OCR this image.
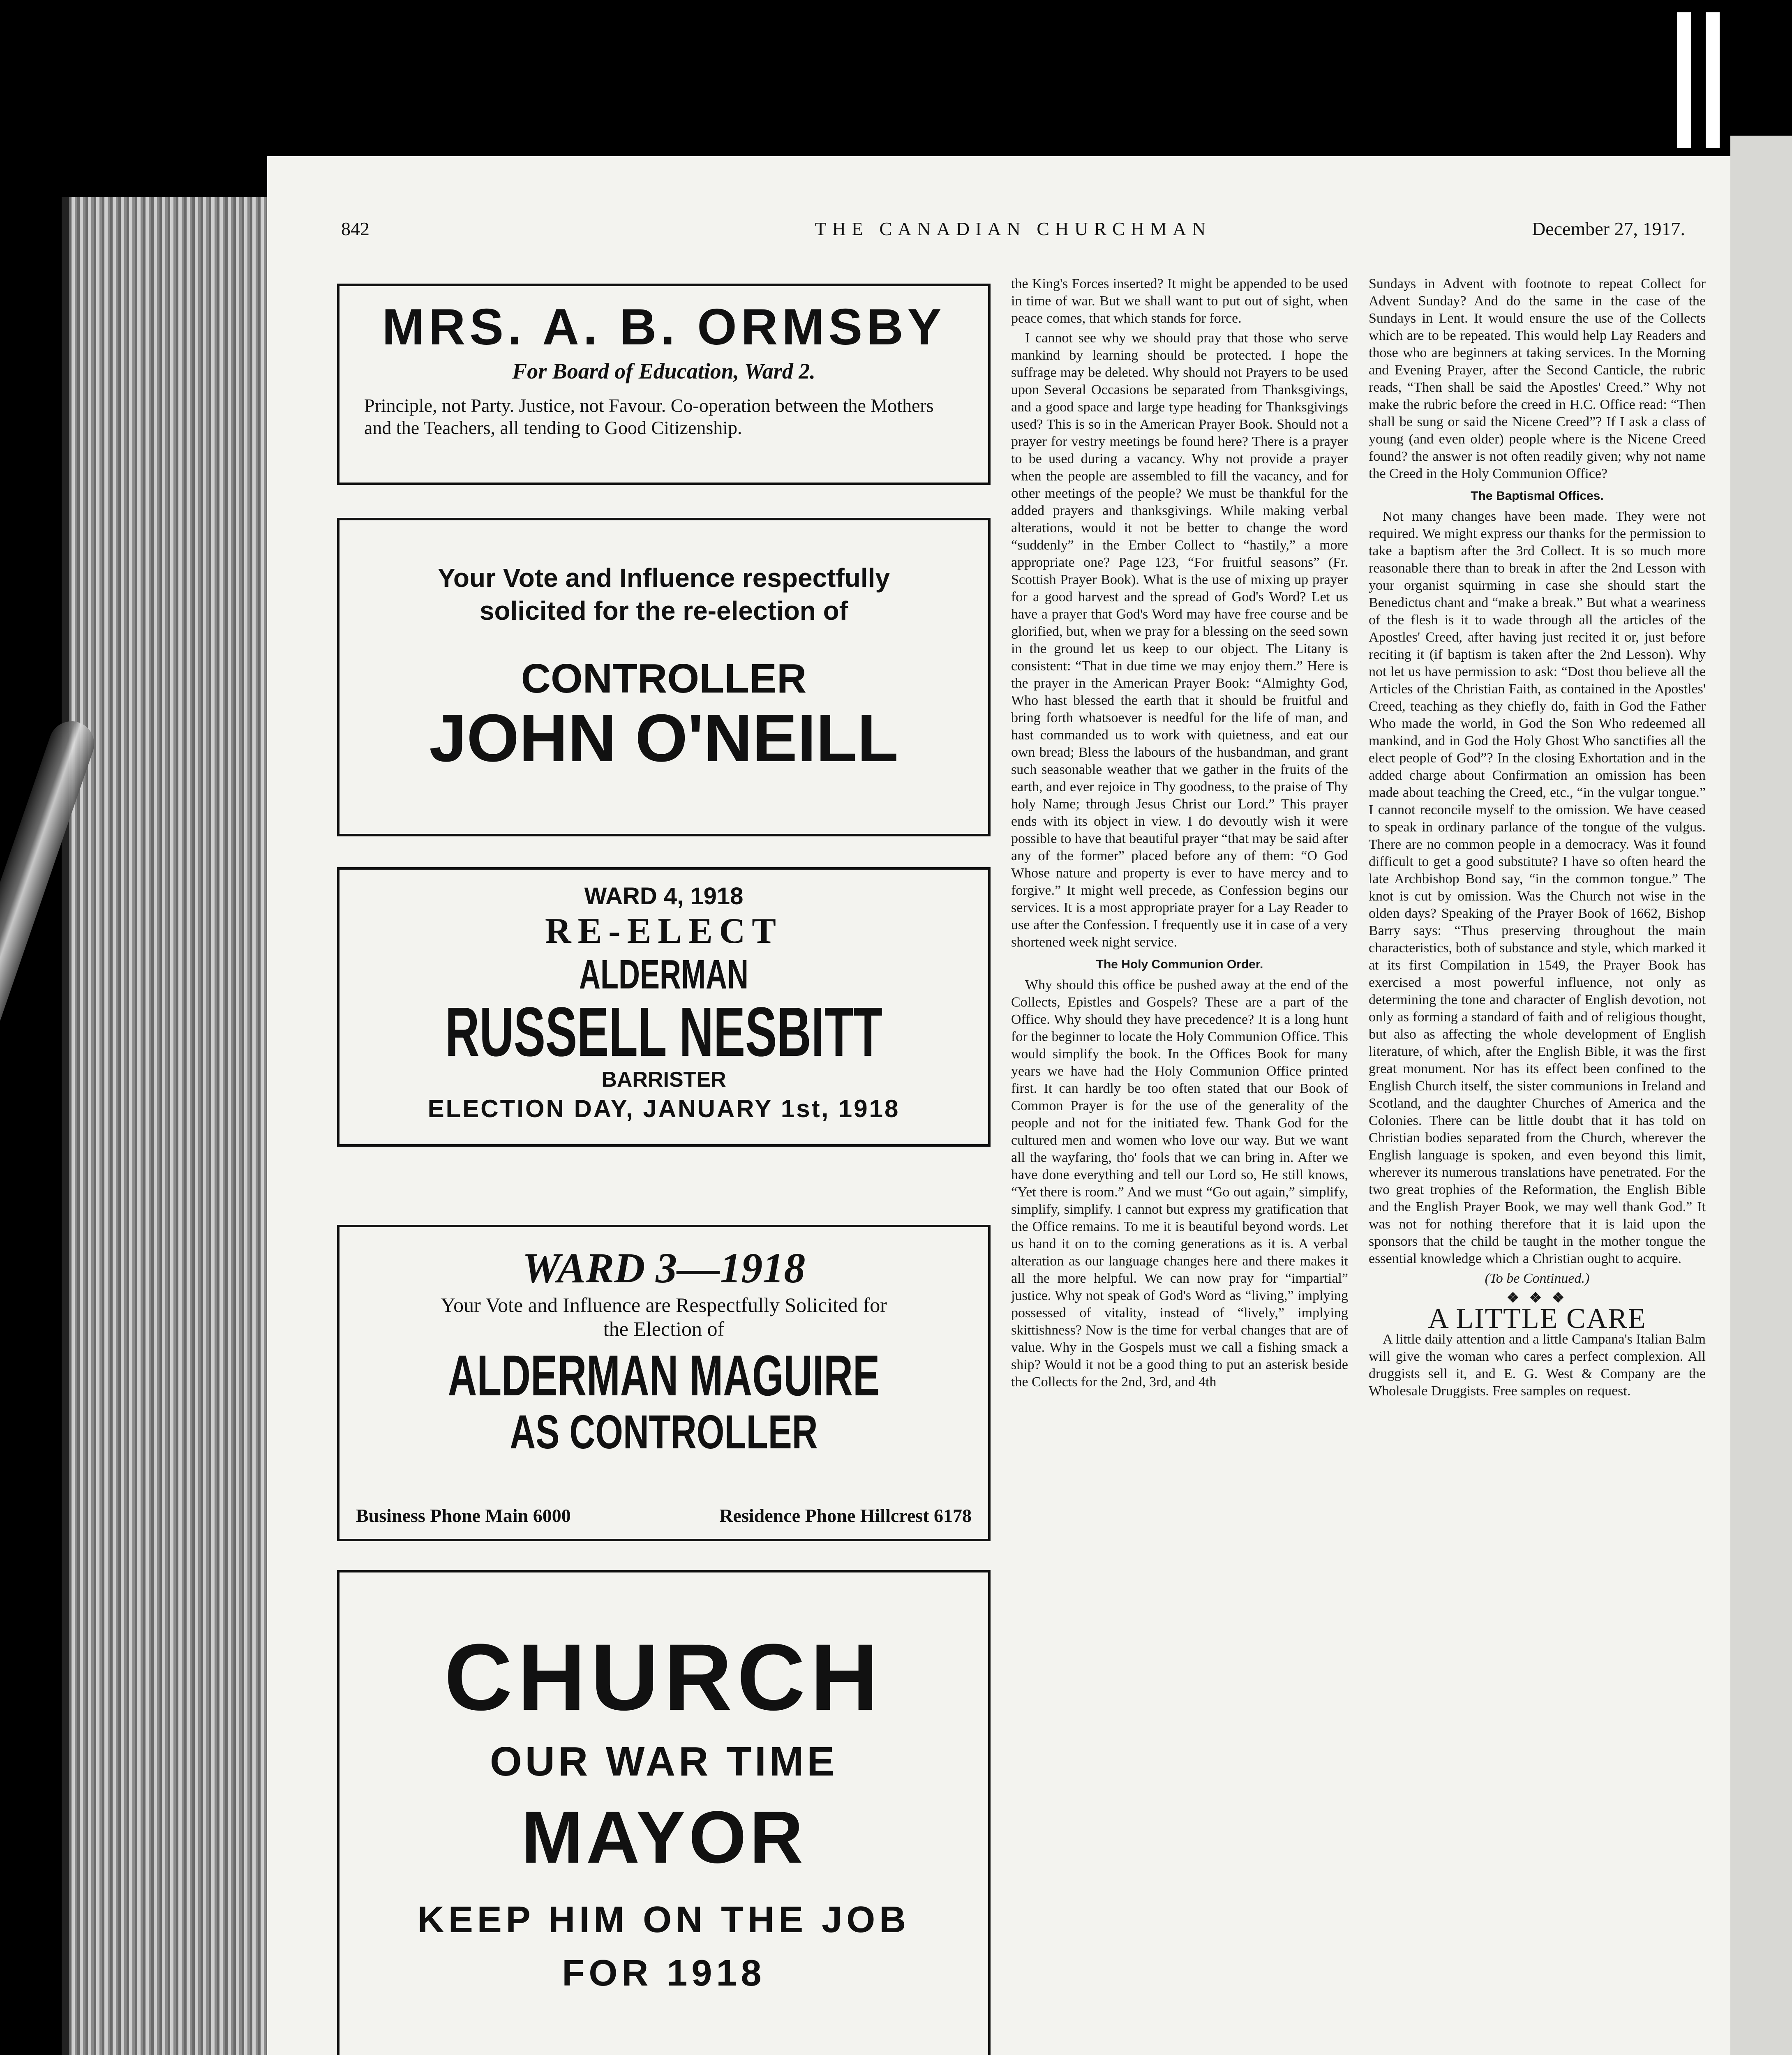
842	THE CANADIAN CHURCHMAN	December 27, 1917.
MRS. A. B. ORMSBY
For Board of Education, Ward 2.
Principle, not Party. Justice, not Favour. Co-operation between the Mothers and the Teachers, all tending to Good Citizenship.
Your Vote and Influence respectfully
solicited for the re-election of
CONTROLLER
JOHN O'NEILL
WARD 4, 1918
RE-ELECT
ALDERMAN
RUSSELL NESBITT
BARRISTER
ELECTION DAY, JANUARY 1st, 1918
WARD 3—1918
Your Vote and Influence are Respectfully Solicited for
the Election of
ALDERMAN MAGUIRE
AS CONTROLLER
Business Phone Main 6000	Residence Phone Hillcrest 6178
CHURCH
OUR WAR TIME
MAYOR
KEEP HIM ON THE JOB
FOR 1918

the King's Forces inserted? It might be appended to be used in time of war. But we shall want to put out of sight, when peace comes, that which stands for force.

I cannot see why we should pray that those who serve mankind by learning should be protected. I hope the suffrage may be deleted. Why should not Prayers to be used upon Several Occasions be separated from Thanksgivings, and a good space and large type heading for Thanksgivings used? This is so in the American Prayer Book. Should not a prayer for vestry meetings be found here? There is a prayer to be used during a vacancy. Why not provide a prayer when the people are assembled to fill the vacancy, and for other meetings of the people? We must be thankful for the added prayers and thanksgivings. While making verbal alterations, would it not be better to change the word “suddenly” in the Ember Collect to “hastily,” a more appropriate one? Page 123, “For fruitful seasons” (Fr. Scottish Prayer Book). What is the use of mixing up prayer for a good harvest and the spread of God's Word? Let us have a prayer that God's Word may have free course and be glorified, but, when we pray for a blessing on the seed sown in the ground let us keep to our object. The Litany is consistent: “That in due time we may enjoy them.” Here is the prayer in the American Prayer Book: “Almighty God, Who hast blessed the earth that it should be fruitful and bring forth whatsoever is needful for the life of man, and hast commanded us to work with quietness, and eat our own bread; Bless the labours of the husbandman, and grant such seasonable weather that we gather in the fruits of the earth, and ever rejoice in Thy goodness, to the praise of Thy holy Name; through Jesus Christ our Lord.” This prayer ends with its object in view. I do devoutly wish it were possible to have that beautiful prayer “that may be said after any of the former” placed before any of them: “O God Whose nature and property is ever to have mercy and to forgive.” It might well precede, as Confession begins our services. It is a most appropriate prayer for a Lay Reader to use after the Confession. I frequently use it in case of a very shortened week night service.

The Holy Communion Order.

Why should this office be pushed away at the end of the Collects, Epistles and Gospels? These are a part of the Office. Why should they have precedence? It is a long hunt for the beginner to locate the Holy Communion Office. This would simplify the book. In the Offices Book for many years we have had the Holy Communion Office printed first. It can hardly be too often stated that our Book of Common Prayer is for the use of the generality of the people and not for the initiated few. Thank God for the cultured men and women who love our way. But we want all the wayfaring, tho' fools that we can bring in. After we have done everything and tell our Lord so, He still knows, “Yet there is room.” And we must “Go out again,” simplify, simplify, simplify. I cannot but express my gratification that the Office remains. To me it is beautiful beyond words. Let us hand it on to the coming generations as it is. A verbal alteration as our language changes here and there makes it all the more helpful. We can now pray for “impartial” justice. Why not speak of God's Word as “living,” implying possessed of vitality, instead of “lively,” implying skittishness? Now is the time for verbal changes that are of value. Why in the Gospels must we call a fishing smack a ship? Would it not be a good thing to put an asterisk beside the Collects for the 2nd, 3rd, and 4th

Sundays in Advent with footnote to repeat Collect for Advent Sunday? And do the same in the case of the Sundays in Lent. It would ensure the use of the Collects which are to be repeated. This would help Lay Readers and those who are beginners at taking services. In the Morning and Evening Prayer, after the Second Canticle, the rubric reads, “Then shall be said the Apostles' Creed.” Why not make the rubric before the creed in H.C. Office read: “Then shall be sung or said the Nicene Creed”? If I ask a class of young (and even older) people where is the Nicene Creed found? the answer is not often readily given; why not name the Creed in the Holy Communion Office?

The Baptismal Offices.

Not many changes have been made. They were not required. We might express our thanks for the permission to take a baptism after the 3rd Collect. It is so much more reasonable there than to break in after the 2nd Lesson with your organist squirming in case she should start the Benedictus chant and “make a break.” But what a weariness of the flesh is it to wade through all the articles of the Apostles' Creed, after having just recited it or, just before reciting it (if baptism is taken after the 2nd Lesson). Why not let us have permission to ask: “Dost thou believe all the Articles of the Christian Faith, as contained in the Apostles' Creed, teaching as they chiefly do, faith in God the Father Who made the world, in God the Son Who redeemed all mankind, and in God the Holy Ghost Who sanctifies all the elect people of God”? In the closing Exhortation and in the added charge about Confirmation an omission has been made about teaching the Creed, etc., “in the vulgar tongue.” I cannot reconcile myself to the omission. We have ceased to speak in ordinary parlance of the tongue of the vulgus. There are no common people in a democracy. Was it found difficult to get a good substitute? I have so often heard the late Archbishop Bond say, “in the common tongue.” The knot is cut by omission. Was the Church not wise in the olden days? Speaking of the Prayer Book of 1662, Bishop Barry says: “Thus preserving throughout the main characteristics, both of substance and style, which marked it at its first Compilation in 1549, the Prayer Book has exercised a most powerful influence, not only as determining the tone and character of English devotion, not only as forming a standard of faith and of religious thought, but also as affecting the whole development of English literature, of which, after the English Bible, it was the first great monument. Nor has its effect been confined to the English Church itself, the sister communions in Ireland and Scotland, and the daughter Churches of America and the Colonies. There can be little doubt that it has told on Christian bodies separated from the Church, wherever the English language is spoken, and even beyond this limit, wherever its numerous translations have penetrated. For the two great trophies of the Reformation, the English Bible and the English Prayer Book, we may well thank God.” It was not for nothing therefore that it is laid upon the sponsors that the child be taught in the mother tongue the essential knowledge which a Christian ought to acquire.

(To be Continued.)

❖ ❖ ❖

A LITTLE CARE

A little daily attention and a little Campana's Italian Balm will give the woman who cares a perfect complexion. All druggists sell it, and E. G. West & Company are the Wholesale Druggists. Free samples on request.
